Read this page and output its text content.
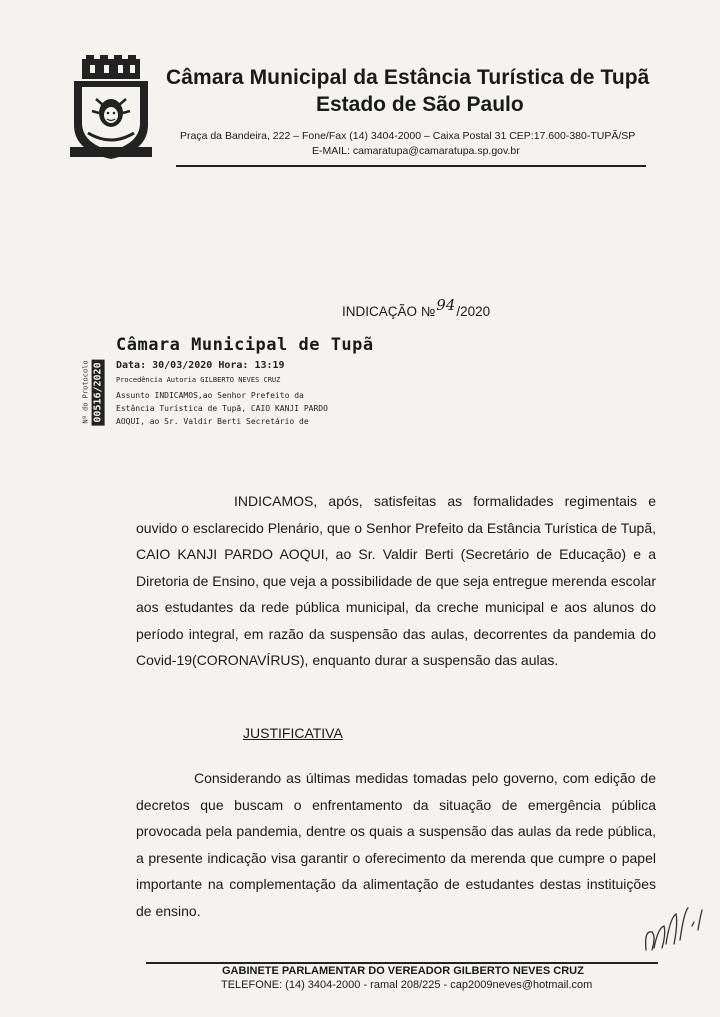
Câmara Municipal da Estância Turística de Tupã
Estado de São Paulo
Praça da Bandeira, 222 – Fone/Fax (14) 3404-2000 – Caixa Postal 31 CEP:17.600-380-TUPÃ/SP
E-MAIL: camaratupa@camaratupa.sp.gov.br
INDICAÇÃO №94/2020
Nº do Protocolo 00516/2020
Câmara Municipal de Tupã
Data: 30/03/2020 Hora: 13:19
Procedência Autoria GILBERTO NEVES CRUZ
Assunto INDICAMOS,ao Senhor Prefeito da
Estância Turística de Tupã, CAIO KANJI PARDO
AOQUI, ao Sr. Valdir Berti Secretário de
INDICAMOS, após, satisfeitas as formalidades regimentais e ouvido o esclarecido Plenário, que o Senhor Prefeito da Estância Turística de Tupã, CAIO KANJI PARDO AOQUI, ao Sr. Valdir Berti (Secretário de Educação) e a Diretoria de Ensino, que veja a possibilidade de que seja entregue merenda escolar aos estudantes da rede pública municipal, da creche municipal e aos alunos do período integral, em razão da suspensão das aulas, decorrentes da pandemia do Covid-19(CORONAVÍRUS), enquanto durar a suspensão das aulas.
JUSTIFICATIVA
Considerando as últimas medidas tomadas pelo governo, com edição de decretos que buscam o enfrentamento da situação de emergência pública provocada pela pandemia, dentre os quais a suspensão das aulas da rede pública, a presente indicação visa garantir o oferecimento da merenda que cumpre o papel importante na complementação da alimentação de estudantes destas instituições de ensino.
GABINETE PARLAMENTAR DO VEREADOR GILBERTO NEVES CRUZ
TELEFONE: (14) 3404-2000 - ramal 208/225 - cap2009neves@hotmail.com
